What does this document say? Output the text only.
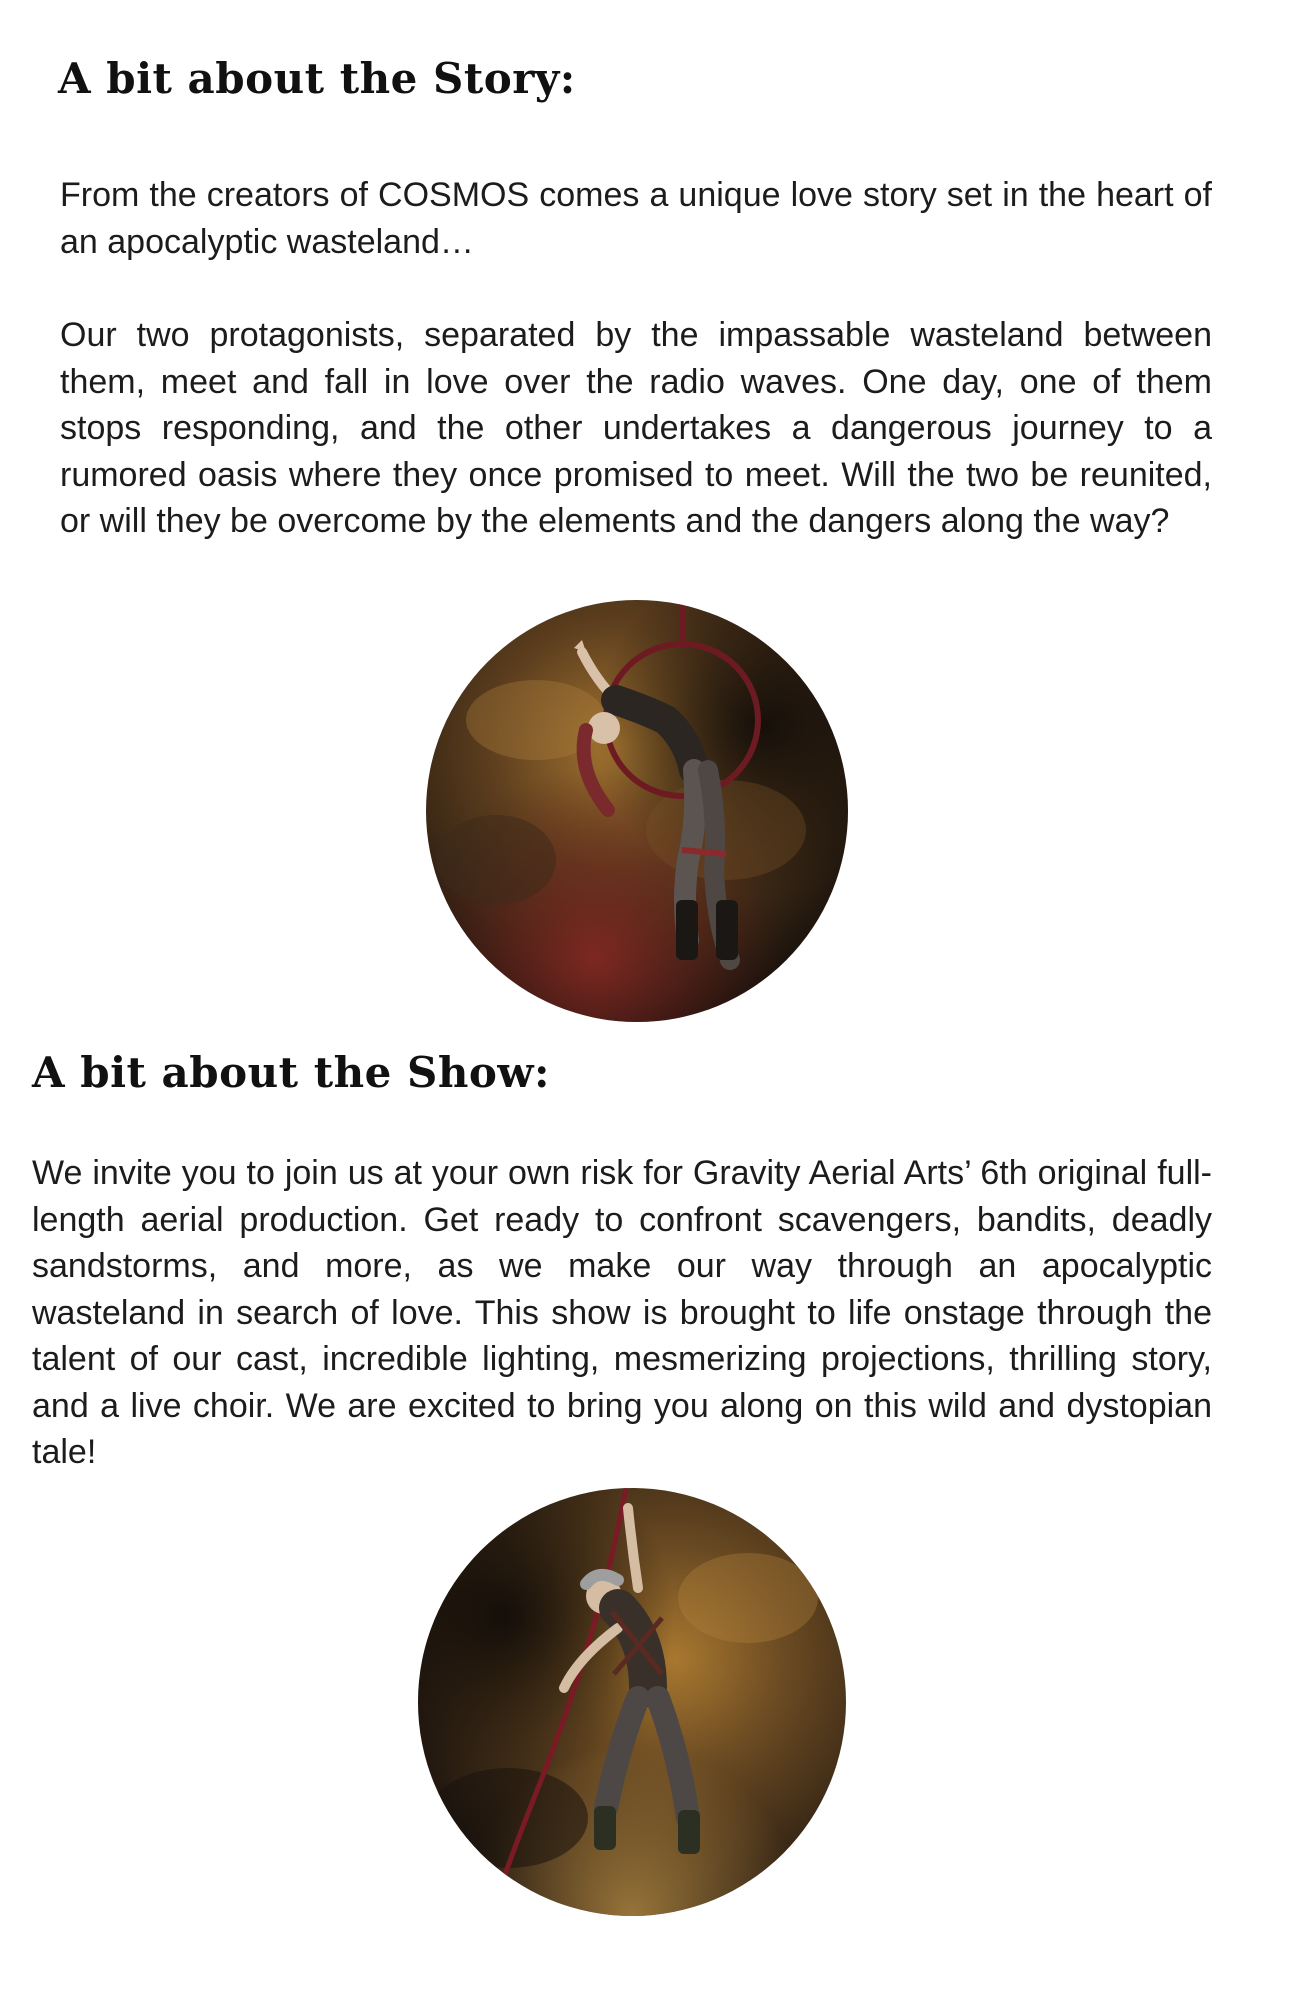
A bit about the Story:

From the creators of COSMOS comes a unique love story set in the heart of an apocalyptic wasteland…

Our two protagonists, separated by the impassable wasteland between them, meet and fall in love over the radio waves. One day, one of them stops responding, and the other undertakes a dangerous journey to a rumored oasis where they once promised to meet. Will the two be reunited, or will they be overcome by the elements and the dangers along the way?

A bit about the Show:

We invite you to join us at your own risk for Gravity Aerial Arts’ 6th original full-length aerial production. Get ready to confront scavengers, bandits, deadly sandstorms, and more, as we make our way through an apocalyptic wasteland in search of love. This show is brought to life onstage through the talent of our cast, incredible lighting, mesmerizing projections, thrilling story, and a live choir. We are excited to bring you along on this wild and dystopian tale!
